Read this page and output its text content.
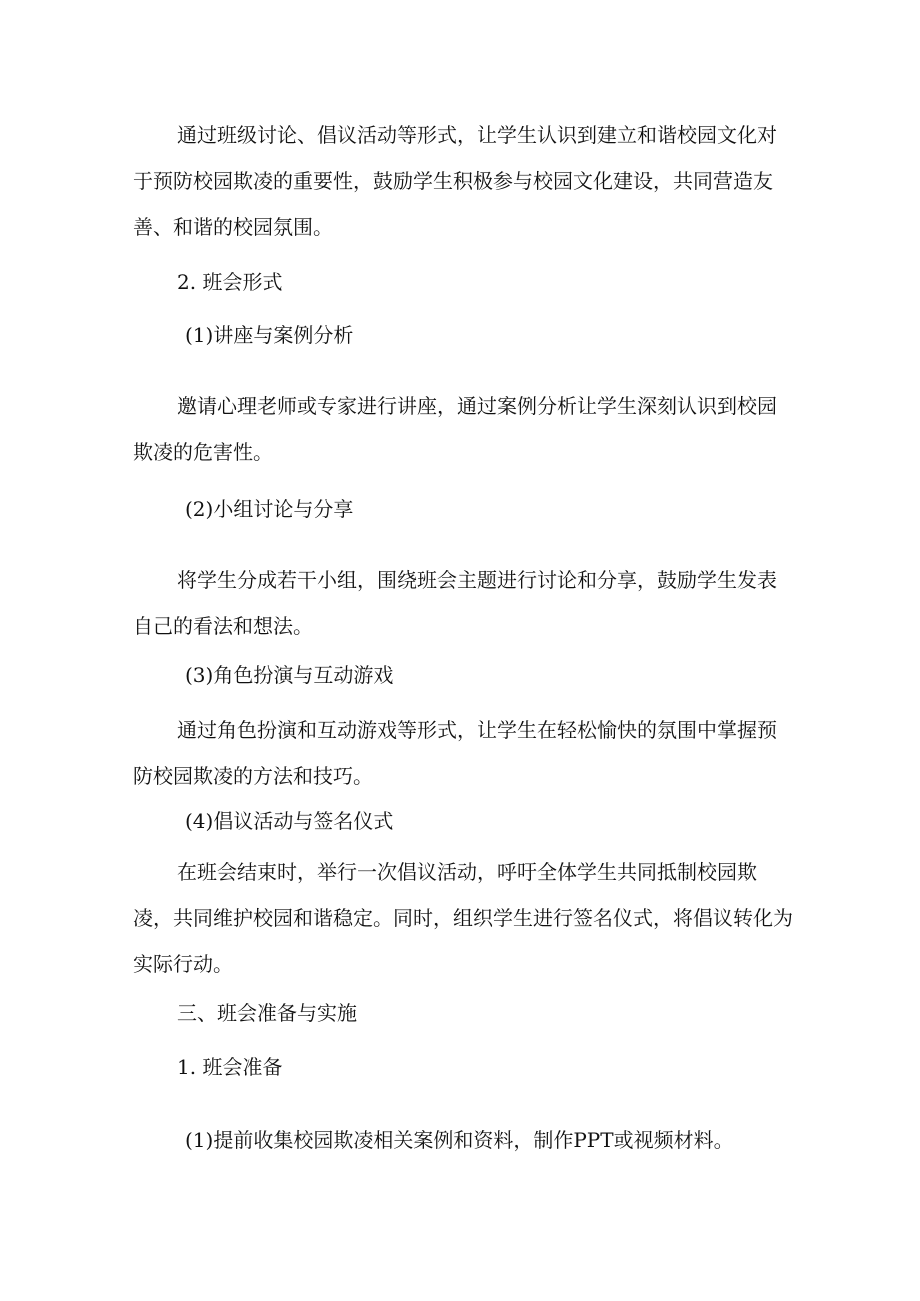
通过班级讨论、倡议活动等形式，让学生认识到建立和谐校园文化对于预防校园欺凌的重要性，鼓励学生积极参与校园文化建设，共同营造友善、和谐的校园氛围。

2. 班会形式

(1)讲座与案例分析

邀请心理老师或专家进行讲座，通过案例分析让学生深刻认识到校园欺凌的危害性。

(2)小组讨论与分享

将学生分成若干小组，围绕班会主题进行讨论和分享，鼓励学生发表自己的看法和想法。

(3)角色扮演与互动游戏

通过角色扮演和互动游戏等形式，让学生在轻松愉快的氛围中掌握预防校园欺凌的方法和技巧。

(4)倡议活动与签名仪式

在班会结束时，举行一次倡议活动，呼吁全体学生共同抵制校园欺凌，共同维护校园和谐稳定。同时，组织学生进行签名仪式，将倡议转化为实际行动。

三、班会准备与实施

1. 班会准备

(1)提前收集校园欺凌相关案例和资料，制作PPT或视频材料。
